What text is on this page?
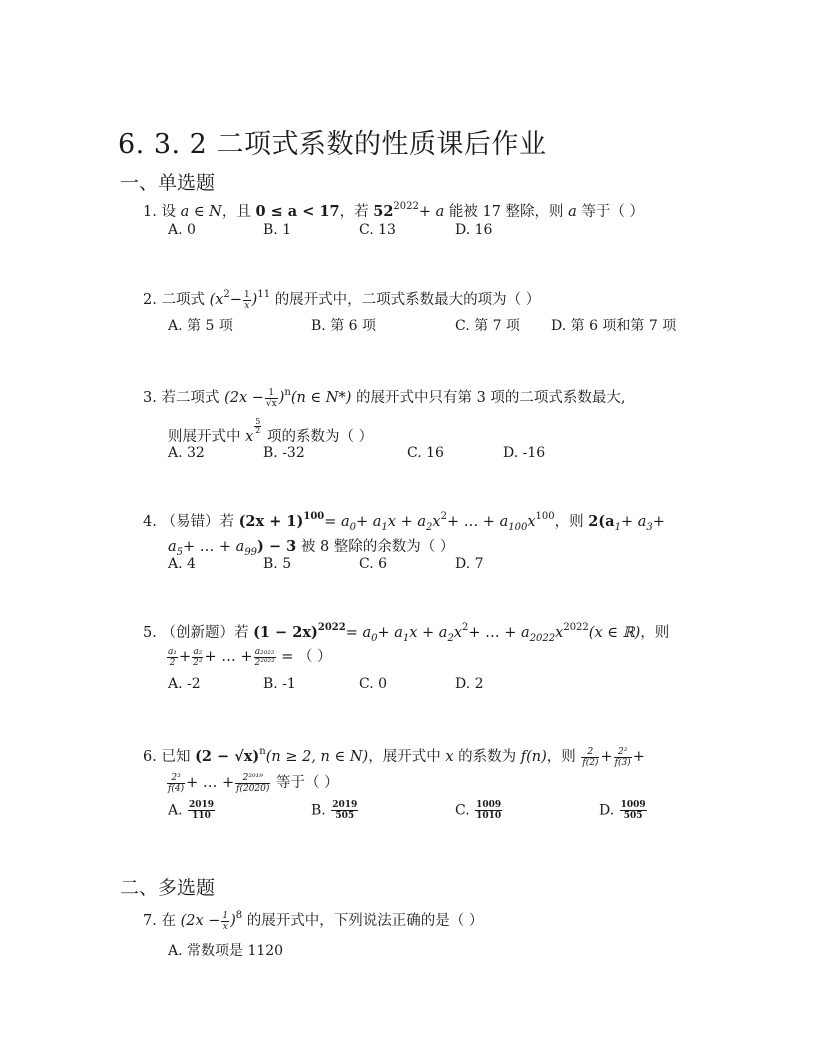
6. 3. 2 二项式系数的性质课后作业
一、单选题
1. 设 a ∈ N，且 0 ≤ a < 17，若 $52^{2022}+ a$ 能被 17 整除，则 a 等于（ ）
A. 0	B. 1	C. 13	D. 16
2. 二项式 $(x^2- \frac{1}{x} )^{11}$ 的展开式中，二项式系数最大的项为（ ）
A. 第 5 项	B. 第 6 项	C. 第 7 项 D. 第 6 项和第 7 项
3. 若二项式 $(2x - \frac{1}{√x} )^n(n$ ∈ N*) 的展开式中只有第 3 项的二项式系数最大,
则展开式中 x
$\frac{5}{2}$
项的系数为（ ）
A. 32	B. -32	C. 16	D. -16
4. （易错）若 $(2x + 1)^{100}= a_0+ a_1x + a_2x^2+$ … + $a_{100}x^{100}$，则 $2(a_1+ a_3+$
$a_5+$ … + $a_{99}) - 3$ 被 8 整除的余数为（ ）
A. 4	B. 5	C. 6	D. 7
5. （创新题）若 $(1 - 2x)^{2022}= a_0+ a_1x + a_2x^2+$ … + $a_{2022}x^{2022}(x$ ∈ ℝ)，则
$\frac{\text{a₁}}{2} + \frac{\text{a₂}}{\text{2²}}$ + … + $\frac{\text{a₂₀₂₂}}{\text{2²⁰²²}}$ = （ ）
A. -2	B. -1	C. 0	D. 2
6. 已知 $(2 - √x)^n(n \ge 2$, n ∈ N)，展开式中 x 的系数为 f(n)，则 $\frac{2}{f(2)} + \frac{\text{2²}}{f(3)}$ +
$\frac{\text{2³}}{f(4)}$ + … + $\frac{\text{2²⁰¹⁹}}{f(2020)}$ 等于（ ）
A. $\frac{2019}{110}$	B. $\frac{2019}{505}$	C. $\frac{1009}{1010}$	D. $\frac{1009}{505}$
二、多选题
7. 在 $(2x - \frac{1}{x} )^8$ 的展开式中，下列说法正确的是（ ）
A. 常数项是 1120
